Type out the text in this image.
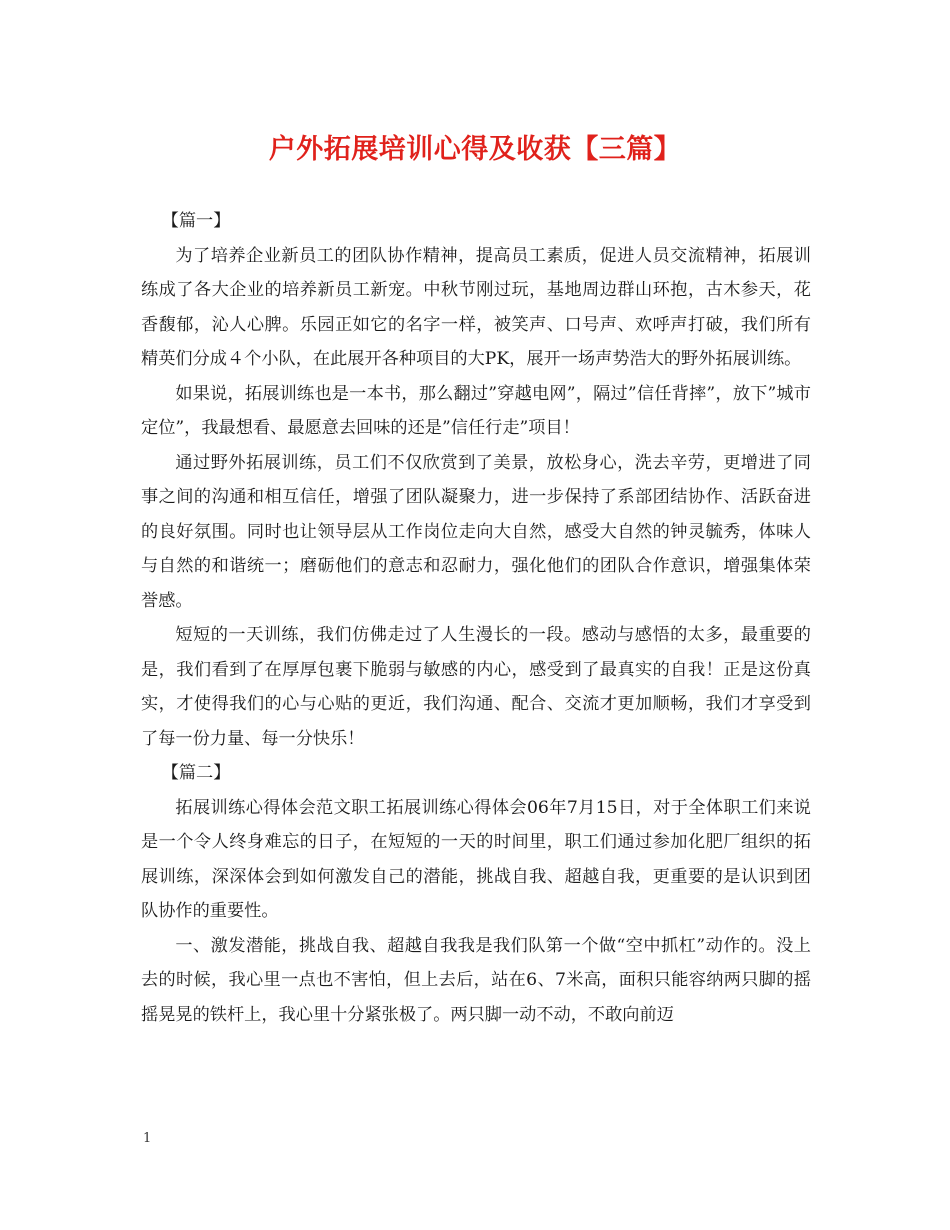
户外拓展培训心得及收获【三篇】

【篇一】

为了培养企业新员工的团队协作精神，提高员工素质，促进人员交流精神，拓展训练成了各大企业的培养新员工新宠。中秋节刚过玩，基地周边群山环抱，古木参天，花香馥郁，沁人心脾。乐园正如它的名字一样，被笑声、口号声、欢呼声打破，我们所有精英们分成４个小队，在此展开各种项目的大PK，展开一场声势浩大的野外拓展训练。

如果说，拓展训练也是一本书，那么翻过”穿越电网”，隔过”信任背摔”，放下”城市定位”，我最想看、最愿意去回味的还是”信任行走”项目！

通过野外拓展训练，员工们不仅欣赏到了美景，放松身心，洗去辛劳，更增进了同事之间的沟通和相互信任，增强了团队凝聚力，进一步保持了系部团结协作、活跃奋进的良好氛围。同时也让领导层从工作岗位走向大自然，感受大自然的钟灵毓秀，体味人与自然的和谐统一；磨砺他们的意志和忍耐力，强化他们的团队合作意识，增强集体荣誉感。

短短的一天训练，我们仿佛走过了人生漫长的一段。感动与感悟的太多，最重要的是，我们看到了在厚厚包裹下脆弱与敏感的内心，感受到了最真实的自我！正是这份真实，才使得我们的心与心贴的更近，我们沟通、配合、交流才更加顺畅，我们才享受到了每一份力量、每一分快乐！

【篇二】

拓展训练心得体会范文职工拓展训练心得体会06年7月15日，对于全体职工们来说是一个令人终身难忘的日子，在短短的一天的时间里，职工们通过参加化肥厂组织的拓展训练，深深体会到如何激发自己的潜能，挑战自我、超越自我，更重要的是认识到团队协作的重要性。

一、激发潜能，挑战自我、超越自我我是我们队第一个做“空中抓杠”动作的。没上去的时候，我心里一点也不害怕，但上去后，站在6、7米高，面积只能容纳两只脚的摇摇晃晃的铁杆上，我心里十分紧张极了。两只脚一动不动，不敢向前迈

1
